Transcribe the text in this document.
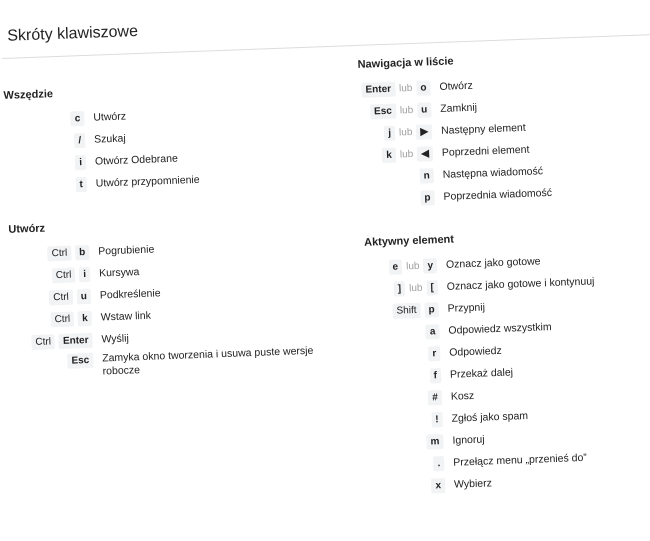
Skróty klawiszowe
Wszędzie
c	Utwórz
/	Szukaj
i	Otwórz Odebrane
t	Utwórz przypomnienie
Utwórz
Ctrl	b	Pogrubienie
Ctrl	i	Kursywa
Ctrl	u	Podkreślenie
Ctrl	k	Wstaw link
Ctrl	Enter	Wyślij
Esc	Zamyka okno tworzenia i usuwa puste wersje robocze
Nawigacja w liście
Enter lub o	Otwórz
Esc lub u	Zamknij
j lub ▶	Następny element
k lub ◀	Poprzedni element
n	Następna wiadomość
p	Poprzednia wiadomość
Aktywny element
e lub y	Oznacz jako gotowe
] lub [	Oznacz jako gotowe i kontynuuj
Shift	p	Przypnij
a	Odpowiedz wszystkim
r	Odpowiedz
f	Przekaż dalej
#	Kosz
!	Zgłoś jako spam
m	Ignoruj
.	Przełącz menu „przenieś do”
x	Wybierz
